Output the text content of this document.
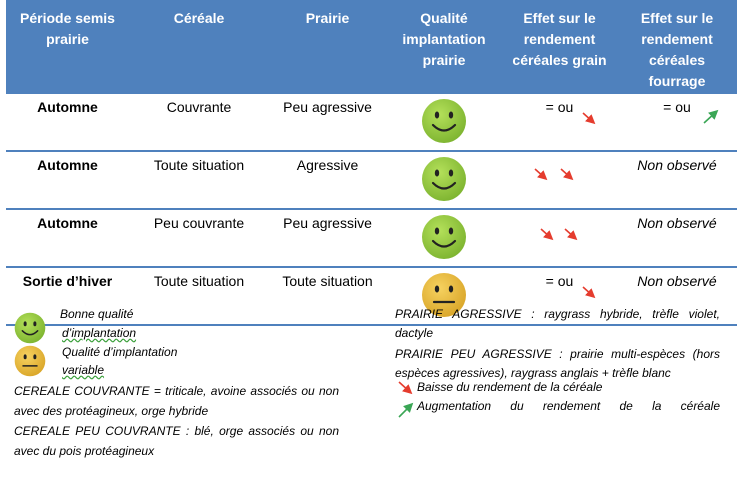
Période semis prairie	Céréale	Prairie	Qualité implantation prairie	Effet sur le rendement céréales grain	Effet sur le rendement céréales fourrage
Automne	Couvrante	Peu agressive		= ou	= ou

Automne	Toute situation	Agressive			Non observé
Automne	Peu couvrante	Peu agressive			Non observé
Sortie d’hiver	Toute situation	Toute situation		= ou	Non observé
Bonne qualité
d’implantation
Qualité d’implantation
variable
CEREALE COUVRANTE = triticale, avoine associés ou non
avec des protéagineux, orge hybride
CEREALE PEU COUVRANTE : blé, orge associés ou non
avec du pois protéagineux
PRAIRIE AGRESSIVE : raygrass hybride, trèfle violet,
dactyle
PRAIRIE PEU AGRESSIVE : prairie multi-espèces (hors
espèces agressives), raygrass anglais + trèfle blanc
Baisse du rendement de la céréale
Augmentation du rendement de la céréale
